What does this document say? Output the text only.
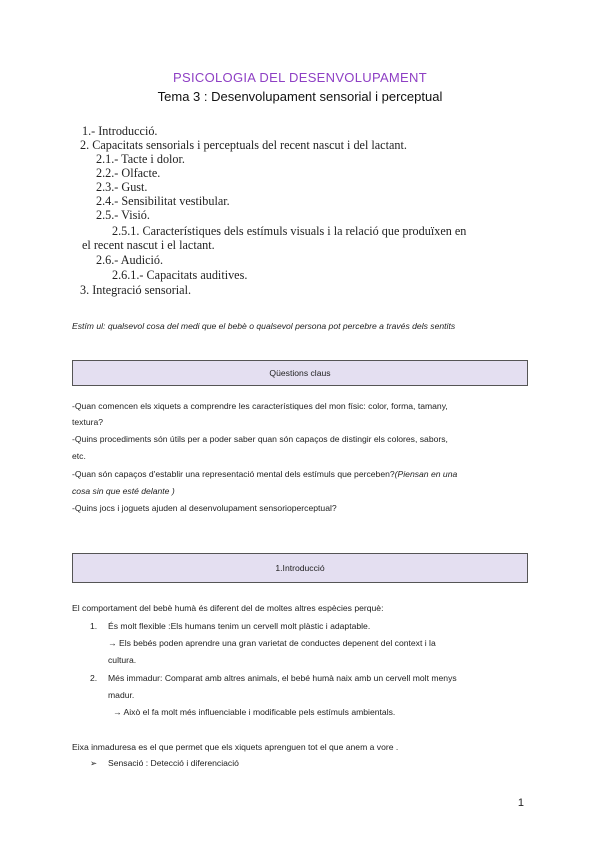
PSICOLOGIA DEL DESENVOLUPAMENT
Tema 3 : Desenvolupament sensorial i perceptual
1.- Introducció.
2. Capacitats sensorials i perceptuals del recent nascut i del lactant.
2.1.- Tacte i dolor.
2.2.- Olfacte.
2.3.- Gust.
2.4.- Sensibilitat vestibular.
2.5.- Visió.
2.5.1. Característiques dels estímuls visuals i la relació que produïxen en
el recent nascut i el lactant.
2.6.- Audició.
2.6.1.- Capacitats auditives.
3. Integració sensorial.
Estím ul: qualsevol cosa del medi que el bebè o qualsevol persona pot percebre a través dels sentits
Qüestions claus
-Quan comencen els xiquets a comprendre les característiques del mon físic: color, forma, tamany,
textura?
-Quins procediments són útils per a poder saber quan són capaços de distingir els colores, sabors,
etc.
-Quan són capaços d'establir una representació mental dels estímuls que perceben?(Piensan en una
cosa sin que esté delante )
-Quins jocs i joguets ajuden al desenvolupament sensorioperceptual?
1.Introducció
El comportament del bebè humà és diferent del de moltes altres espècies perquè:
1. És molt flexible :Els humans tenim un cervell molt plàstic i adaptable.
→ Els bebés poden aprendre una gran varietat de conductes depenent del context i la
cultura.
2. Més immadur: Comparat amb altres animals, el bebé humà naix amb un cervell molt menys
madur.
→ Això el fa molt més influenciable i modificable pels estímuls ambientals.
Eixa inmaduresa es el que permet que els xiquets aprenguen tot el que anem a vore .
➢ Sensació : Detecció i diferenciació
1
